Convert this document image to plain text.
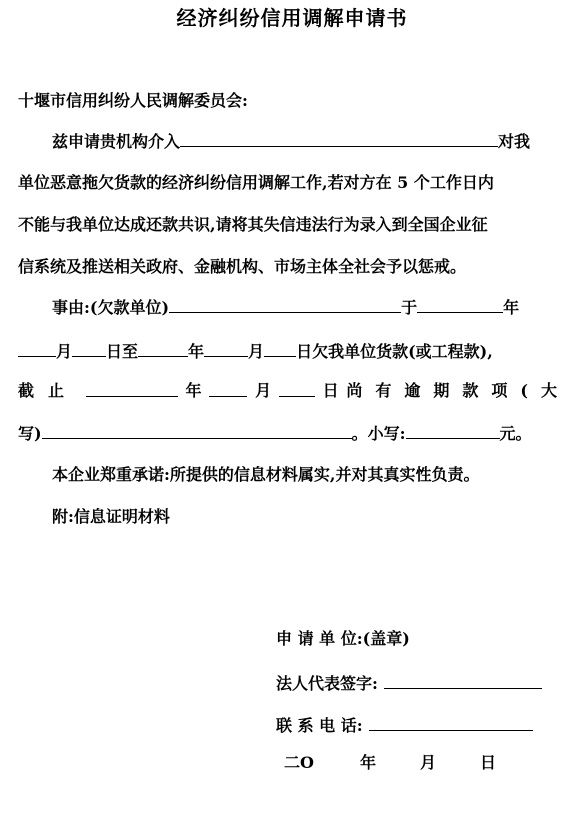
经济纠纷信用调解申请书
十堰市信用纠纷人民调解委员会:
兹申请贵机构介入	对我
单位恶意拖欠货款的经济纠纷信用调解工作,若对方在 5 个工作日内
不能与我单位达成还款共识,请将其失信违法行为录入到全国企业征
信系统及推送相关政府、金融机构、市场主体全社会予以惩戒。
事由:(欠款单位)	于	年
月 日至	年	月 日欠我单位货款(或工程款),
截止	年	月	日 尚有逾期款项(大
写)	。小写:	元。
本企业郑重承诺:所提供的信息材料属实,并对其真实性负责。
附:信息证明材料
申 请 单 位:(盖章)
法人代表签字:
联 系 电 话:
二O	年	月	日
